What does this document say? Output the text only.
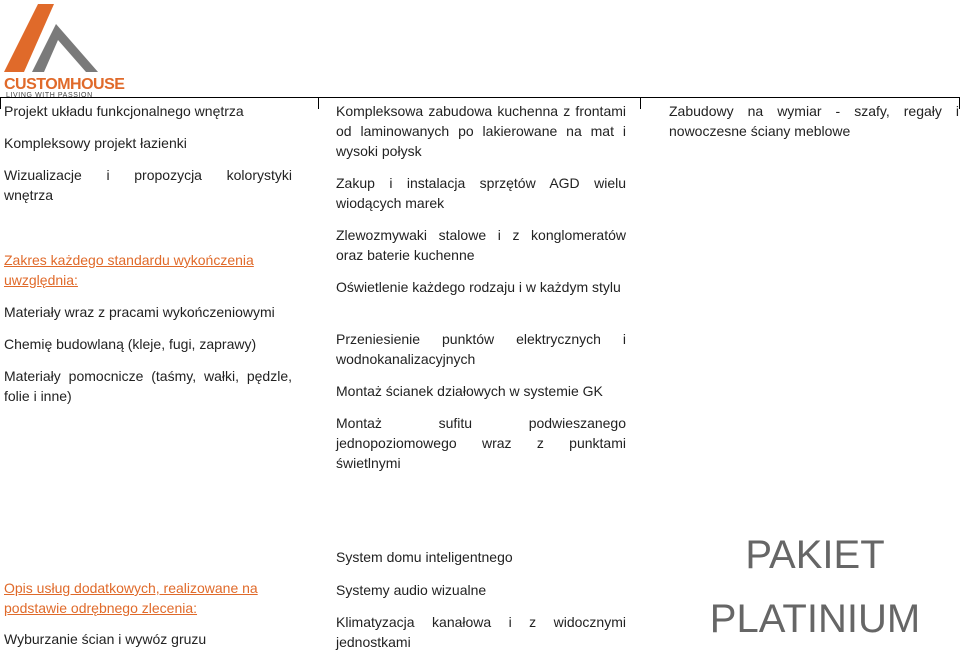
CUSTOMHOUSE
LIVING WITH PASSION

Projekt układu funkcjonalnego wnętrza

Kompleksowy projekt łazienki

Wizualizacje i propozycja kolorystyki

wnętrza

Zakres każdego standardu wykończenia uwzględnia:

Materiały wraz z pracami wykończeniowymi

Chemię budowlaną (kleje, fugi, zaprawy)

Materiały pomocnicze (taśmy, wałki, pędzle, folie i inne)

Kompleksowa zabudowa kuchenna z frontami od laminowanych po lakierowane na mat i wysoki połysk

Zakup i instalacja sprzętów AGD wielu wiodących marek

Zlewozmywaki stalowe i z konglomeratów oraz baterie kuchenne

Oświetlenie każdego rodzaju i w każdym stylu

Przeniesienie punktów elektrycznych i wodnokanalizacyjnych

Montaż ścianek działowych w systemie GK

Montaż sufitu podwieszanego jednopoziomowego wraz z punktami świetlnymi

Zabudowy na wymiar - szafy, regały i nowoczesne ściany meblowe

Opis usług dodatkowych, realizowane na podstawie odrębnego zlecenia:

Wyburzanie ścian i wywóz gruzu

System domu inteligentnego

Systemy audio wizualne

Klimatyzacja kanałowa i z widocznymi jednostkami

PAKIET
PLATINIUM
